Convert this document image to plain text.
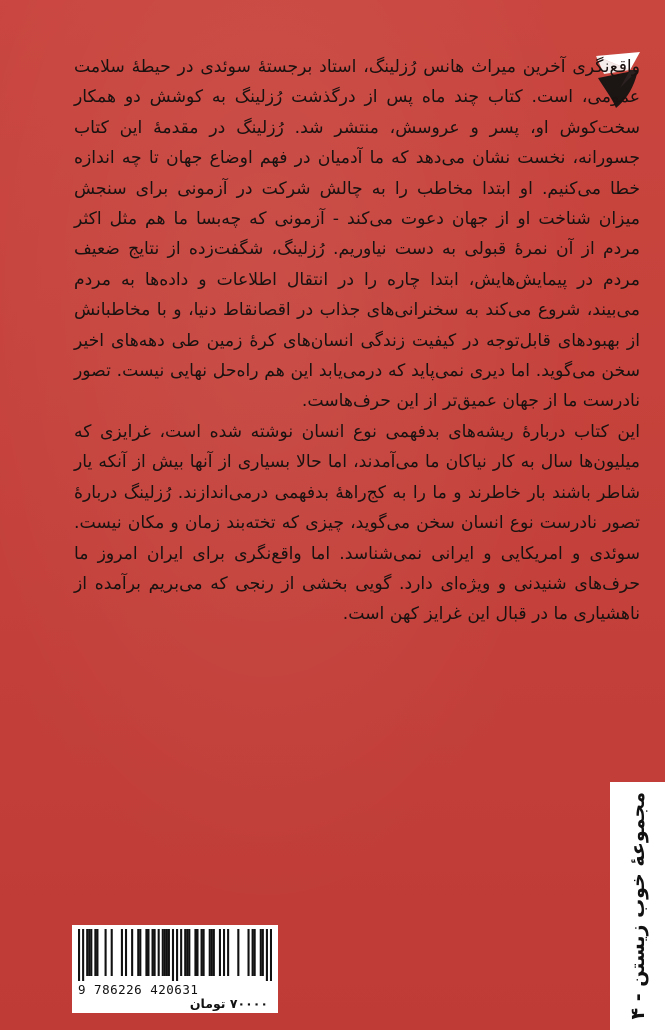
واقع‌نگری آخرین میراث هانس رُزلینگ، استاد برجستهٔ سوئدی در حیطهٔ سلامت عمومی، است. کتاب چند ماه پس از درگذشت رُزلینگ به کوشش دو همکار سخت‌کوش او، پسر و عروسش، منتشر شد. رُزلینگ در مقدمهٔ این کتاب جسورانه، نخست نشان می‌دهد که ما آدمیان در فهم اوضاع جهان تا چه اندازه خطا می‌کنیم. او ابتدا مخاطب را به چالش شرکت در آزمونی برای سنجش میزان شناخت او از جهان دعوت می‌کند - آزمونی که چه‌بسا ما هم مثل اکثر مردم از آن نمرهٔ قبولی به دست نیاوریم. رُزلینگ، شگفت‌زده از نتایج ضعیف مردم در پیمایش‌هایش، ابتدا چاره را در انتقال اطلاعات و داده‌ها به مردم می‌بیند، شروع می‌کند به سخنرانی‌های جذاب در اقصانقاط دنیا، و با مخاطبانش از بهبودهای قابل‌توجه در کیفیت زندگی انسان‌های کرهٔ زمین طی دهه‌های اخیر سخن می‌گوید. اما دیری نمی‌پاید که درمی‌یابد این هم راه‌حل نهایی نیست. تصور نادرست ما از جهان عمیق‌تر از این حرف‌هاست.

این کتاب دربارهٔ ریشه‌های بدفهمی نوع انسان نوشته شده است، غرایزی که میلیون‌ها سال به کار نیاکان ما می‌آمدند، اما حالا بسیاری از آنها بیش از آنکه یار شاطر باشند بار خاطرند و ما را به کج‌راههٔ بدفهمی درمی‌اندازند. رُزلینگ دربارهٔ تصور نادرست نوع انسان سخن می‌گوید، چیزی که تخته‌بند زمان و مکان نیست. سوئدی و امریکایی و ایرانی نمی‌شناسد. اما واقع‌نگری برای ایران امروز ما حرف‌های شنیدنی و ویژه‌ای دارد. گویی بخشی از رنجی که می‌بریم برآمده از ناهشیاری ما در قبال این غرایز کهن است.

مجموعهٔ خوب زیستن - ۴
9 786226 420631
۷۰۰۰۰ تومان
